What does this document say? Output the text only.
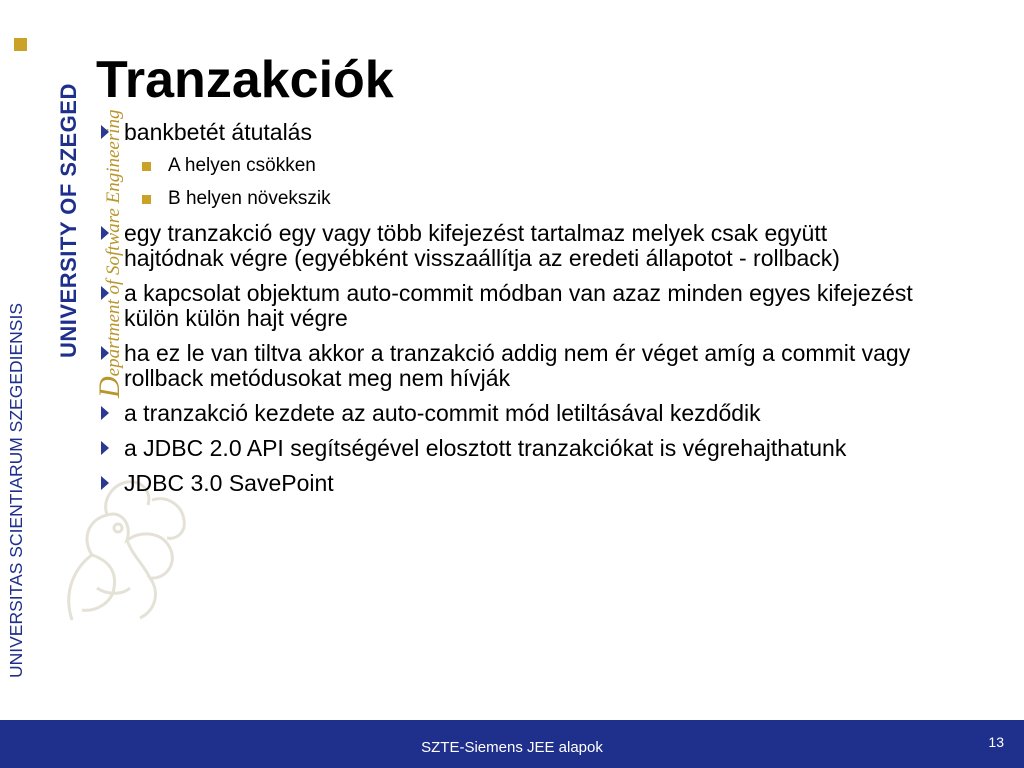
UNIVERSITAS SCIENTIARUM SZEGEDIENSIS
UNIVERSITY OF SZEGED
Department of Software Engineering
Tranzakciók
bankbetét átutalás
A helyen csökken
B helyen növekszik
egy tranzakció egy vagy több kifejezést tartalmaz melyek csak együtt hajtódnak végre (egyébként visszaállítja az eredeti állapotot - rollback)
a kapcsolat objektum auto-commit módban van azaz minden egyes kifejezést külön külön hajt végre
ha ez le van tiltva akkor a tranzakció addig nem ér véget amíg a commit vagy rollback metódusokat meg nem hívják
a tranzakció kezdete az auto-commit mód letiltásával kezdődik
a JDBC 2.0 API segítségével elosztott tranzakciókat is végrehajthatunk
JDBC 3.0 SavePoint
SZTE-Siemens JEE alapok	13
